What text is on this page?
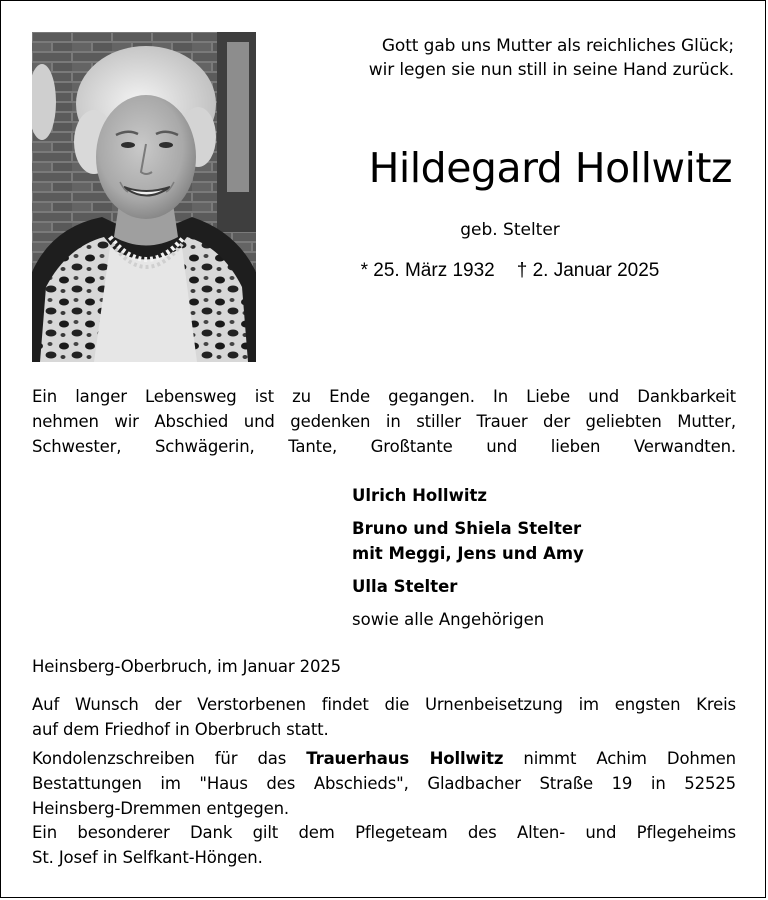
Gott gab uns Mutter als reichliches Glück;
wir legen sie nun still in seine Hand zurück.
Hildegard Hollwitz
geb. Stelter
* 25. März 1932 † 2. Januar 2025
Ein langer Lebensweg ist zu Ende gegangen. In Liebe und Dankbarkeit
nehmen wir Abschied und gedenken in stiller Trauer der geliebten Mutter,
Schwester, Schwägerin, Tante, Großtante und lieben Verwandten.
Ulrich Hollwitz
Bruno und Shiela Stelter
mit Meggi, Jens und Amy
Ulla Stelter
sowie alle Angehörigen
Heinsberg-Oberbruch, im Januar 2025
Auf Wunsch der Verstorbenen findet die Urnenbeisetzung im engsten Kreis
auf dem Friedhof in Oberbruch statt.
Kondolenzschreiben für das Trauerhaus Hollwitz nimmt Achim Dohmen
Bestattungen im "Haus des Abschieds", Gladbacher Straße 19 in 52525
Heinsberg-Dremmen entgegen.
Ein besonderer Dank gilt dem Pflegeteam des Alten- und Pflegeheims
St. Josef in Selfkant-Höngen.
